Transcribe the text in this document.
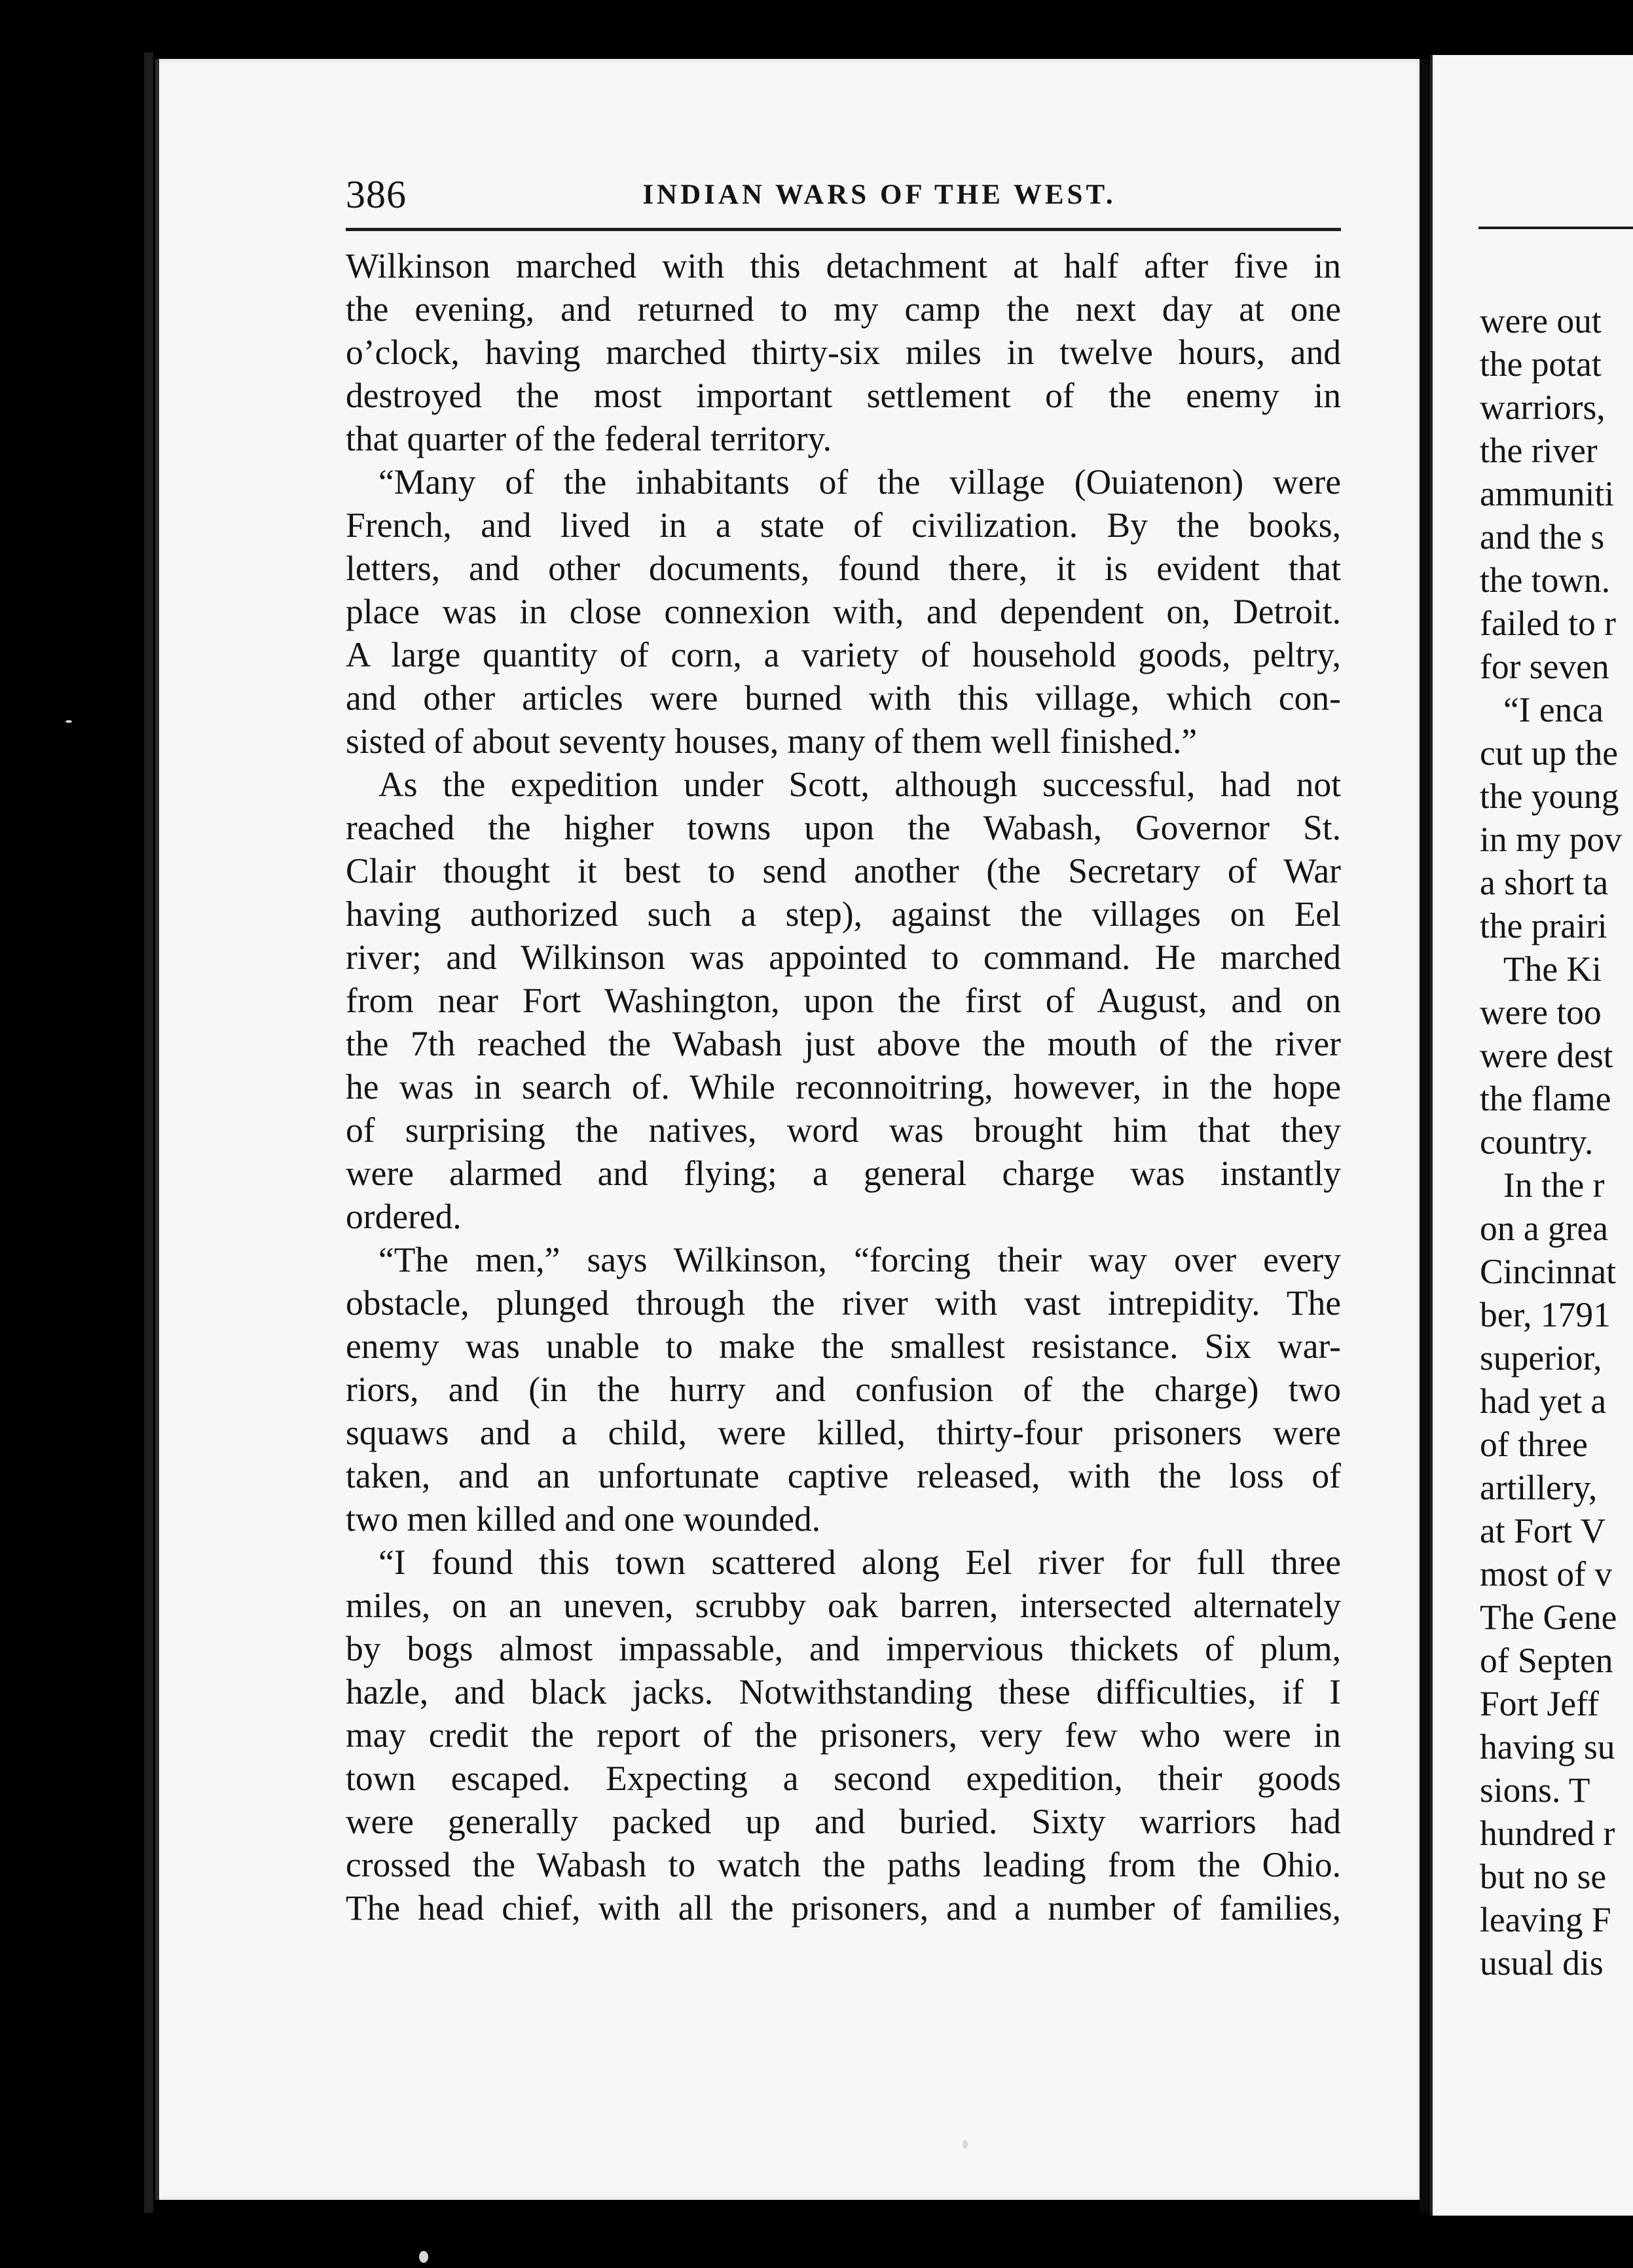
386	INDIAN WARS OF THE WEST.
Wilkinson marched with this detachment at half after five in
the evening, and returned to my camp the next day at one
o’clock, having marched thirty-six miles in twelve hours, and
destroyed the most important settlement of the enemy in
that quarter of the federal territory.
“Many of the inhabitants of the village (Ouiatenon) were
French, and lived in a state of civilization. By the books,
letters, and other documents, found there, it is evident that
place was in close connexion with, and dependent on, Detroit.
A large quantity of corn, a variety of household goods, peltry,
and other articles were burned with this village, which con-
sisted of about seventy houses, many of them well finished.”
As the expedition under Scott, although successful, had not
reached the higher towns upon the Wabash, Governor St.
Clair thought it best to send another (the Secretary of War
having authorized such a step), against the villages on Eel
river; and Wilkinson was appointed to command. He marched
from near Fort Washington, upon the first of August, and on
the 7th reached the Wabash just above the mouth of the river
he was in search of. While reconnoitring, however, in the hope
of surprising the natives, word was brought him that they
were alarmed and flying; a general charge was instantly
ordered.
“The men,” says Wilkinson, “forcing their way over every
obstacle, plunged through the river with vast intrepidity. The
enemy was unable to make the smallest resistance. Six war-
riors, and (in the hurry and confusion of the charge) two
squaws and a child, were killed, thirty-four prisoners were
taken, and an unfortunate captive released, with the loss of
two men killed and one wounded.
“I found this town scattered along Eel river for full three
miles, on an uneven, scrubby oak barren, intersected alternately
by bogs almost impassable, and impervious thickets of plum,
hazle, and black jacks. Notwithstanding these difficulties, if I
may credit the report of the prisoners, very few who were in
town escaped. Expecting a second expedition, their goods
were generally packed up and buried. Sixty warriors had
crossed the Wabash to watch the paths leading from the Ohio.
The head chief, with all the prisoners, and a number of families,
were out
the potat
warriors,
the river
ammuniti
and the s
the town.
failed to r
for seven
“I enca
cut up the
the young
in my pov
a short ta
the prairi
The Ki
were too
were dest
the flame
country.
In the r
on a grea
Cincinnat
ber, 1791
superior,
had yet a
of three
artillery,
at Fort V
most of v
The Gene
of Septen
Fort Jeff
having su
sions. T
hundred r
but no se
leaving F
usual dis
